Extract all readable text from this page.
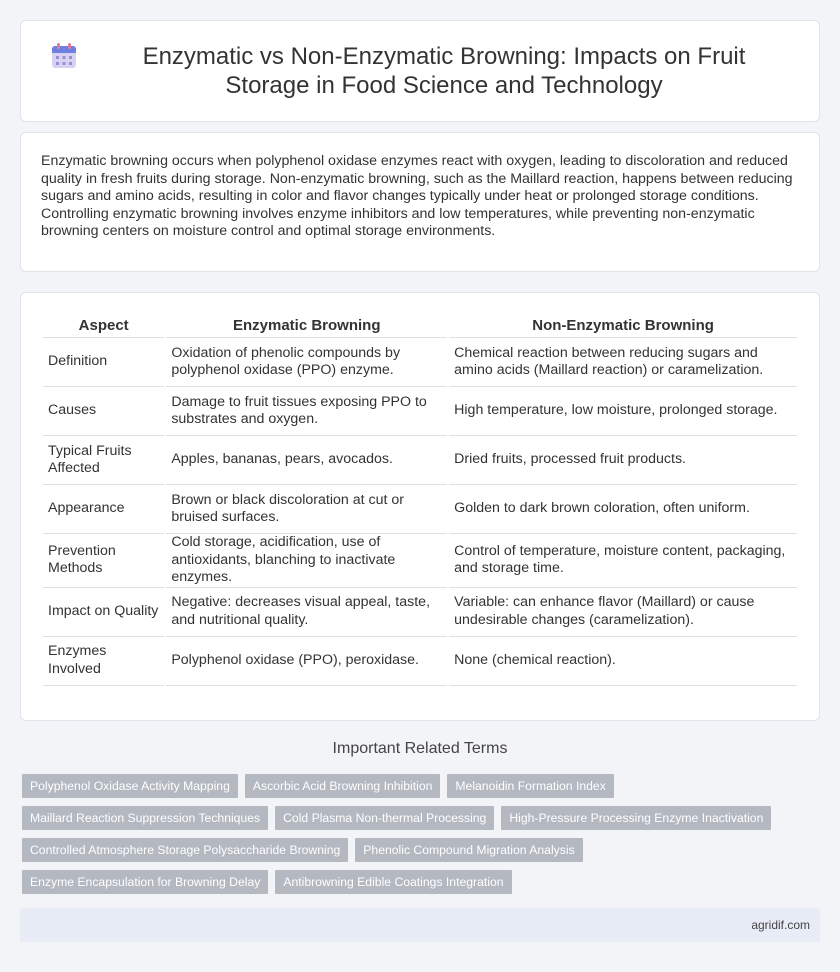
Enzymatic vs Non-Enzymatic Browning: Impacts on Fruit Storage in Food Science and Technology

Enzymatic browning occurs when polyphenol oxidase enzymes react with oxygen, leading to discoloration and reduced quality in fresh fruits during storage. Non-enzymatic browning, such as the Maillard reaction, happens between reducing sugars and amino acids, resulting in color and flavor changes typically under heat or prolonged storage conditions. Controlling enzymatic browning involves enzyme inhibitors and low temperatures, while preventing non-enzymatic browning centers on moisture control and optimal storage environments.

Aspect	Enzymatic Browning	Non-Enzymatic Browning
Definition	Oxidation of phenolic compounds by polyphenol oxidase (PPO) enzyme.	Chemical reaction between reducing sugars and amino acids (Maillard reaction) or caramelization.
Causes	Damage to fruit tissues exposing PPO to substrates and oxygen.	High temperature, low moisture, prolonged storage.
Typical Fruits Affected	Apples, bananas, pears, avocados.	Dried fruits, processed fruit products.
Appearance	Brown or black discoloration at cut or bruised surfaces.	Golden to dark brown coloration, often uniform.
Prevention Methods	Cold storage, acidification, use of antioxidants, blanching to inactivate enzymes.	Control of temperature, moisture content, packaging, and storage time.
Impact on Quality	Negative: decreases visual appeal, taste, and nutritional quality.	Variable: can enhance flavor (Maillard) or cause undesirable changes (caramelization).
Enzymes Involved	Polyphenol oxidase (PPO), peroxidase.	None (chemical reaction).
Important Related Terms
Polyphenol Oxidase Activity Mapping	Ascorbic Acid Browning Inhibition	Melanoidin Formation Index
Maillard Reaction Suppression Techniques	Cold Plasma Non-thermal Processing	High-Pressure Processing Enzyme Inactivation
Controlled Atmosphere Storage Polysaccharide Browning	Phenolic Compound Migration Analysis
Enzyme Encapsulation for Browning Delay	Antibrowning Edible Coatings Integration
agridif.com
